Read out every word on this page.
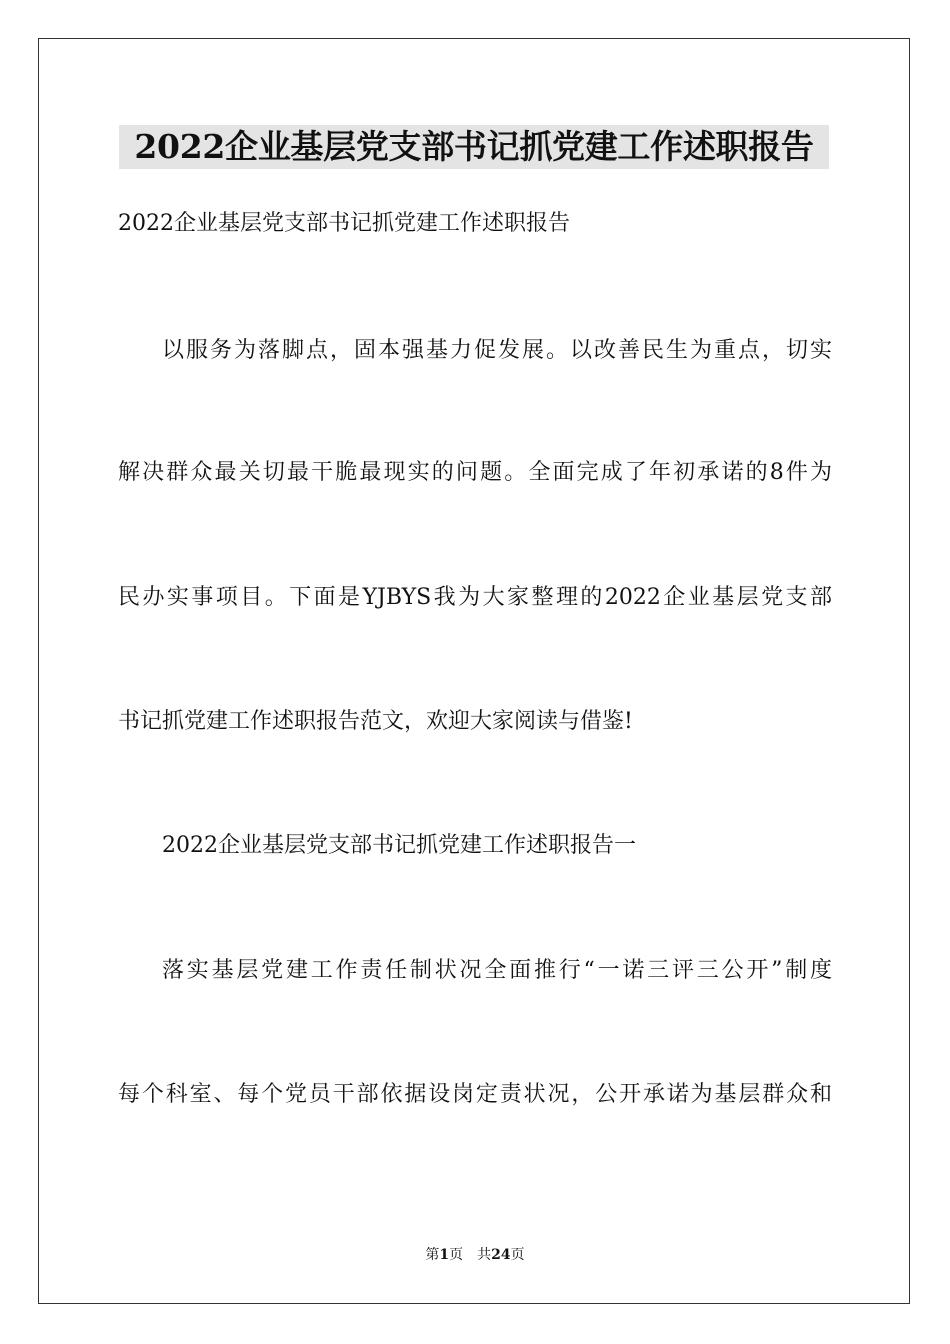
2022企业基层党支部书记抓党建工作述职报告

2022企业基层党支部书记抓党建工作述职报告

以服务为落脚点，固本强基力促发展。以改善民生为重点，切实

解决群众最关切最干脆最现实的问题。全面完成了年初承诺的8件为

民办实事项目。下面是YJBYS我为大家整理的2022企业基层党支部

书记抓党建工作述职报告范文，欢迎大家阅读与借鉴!

2022企业基层党支部书记抓党建工作述职报告一

落实基层党建工作责任制状况全面推行“一诺三评三公开”制度

每个科室、每个党员干部依据设岗定责状况，公开承诺为基层群众和

第1页 共24页
